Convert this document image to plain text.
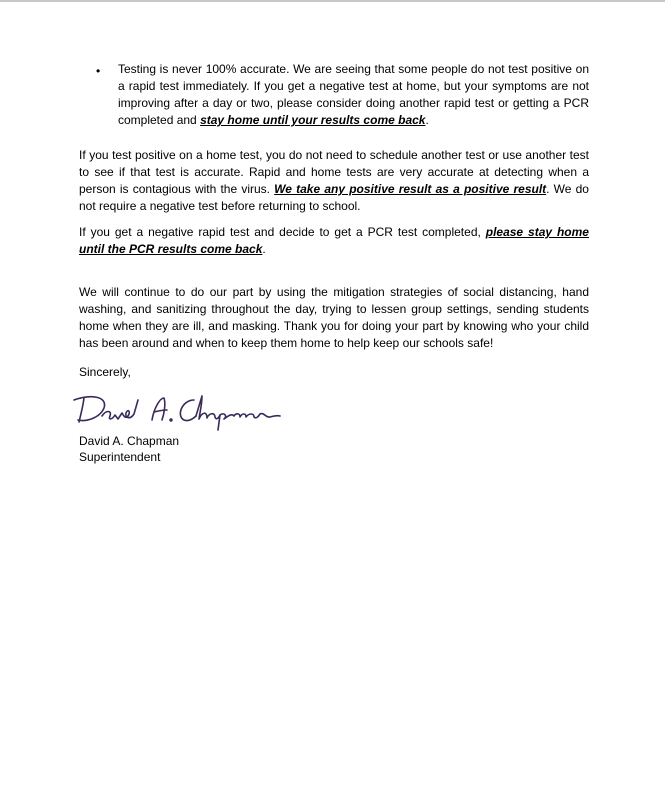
• Testing is never 100% accurate. We are seeing that some people do not test positive on a rapid test immediately. If you get a negative test at home, but your symptoms are not improving after a day or two, please consider doing another rapid test or getting a PCR completed and stay home until your results come back.

If you test positive on a home test, you do not need to schedule another test or use another test to see if that test is accurate. Rapid and home tests are very accurate at detecting when a person is contagious with the virus. We take any positive result as a positive result. We do not require a negative test before returning to school.

If you get a negative rapid test and decide to get a PCR test completed, please stay home until the PCR results come back.

We will continue to do our part by using the mitigation strategies of social distancing, hand washing, and sanitizing throughout the day, trying to lessen group settings, sending students home when they are ill, and masking. Thank you for doing your part by knowing who your child has been around and when to keep them home to help keep our schools safe!

Sincerely,

David A. Chapman

Superintendent
